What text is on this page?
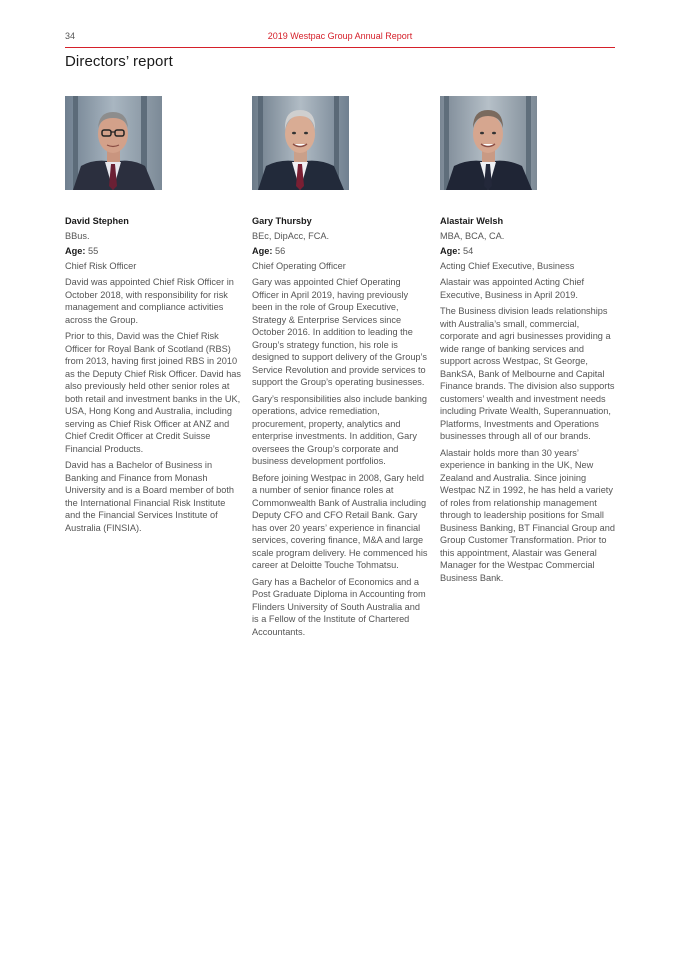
34	2019 Westpac Group Annual Report
Directors’ report
David Stephen
BBus.
Age: 55
Chief Risk Officer

David was appointed Chief Risk Officer in October 2018, with responsibility for risk management and compliance activities across the Group.

Prior to this, David was the Chief Risk Officer for Royal Bank of Scotland (RBS) from 2013, having first joined RBS in 2010 as the Deputy Chief Risk Officer. David has also previously held other senior roles at both retail and investment banks in the UK, USA, Hong Kong and Australia, including serving as Chief Risk Officer at ANZ and Chief Credit Officer at Credit Suisse Financial Products.

David has a Bachelor of Business in Banking and Finance from Monash University and is a Board member of both the International Financial Risk Institute and the Financial Services Institute of Australia (FINSIA).

Gary Thursby
BEc, DipAcc, FCA.
Age: 56
Chief Operating Officer

Gary was appointed Chief Operating Officer in April 2019, having previously been in the role of Group Executive, Strategy & Enterprise Services since October 2016. In addition to leading the Group’s strategy function, his role is designed to support delivery of the Group’s Service Revolution and provide services to support the Group’s operating businesses.

Gary’s responsibilities also include banking operations, advice remediation, procurement, property, analytics and enterprise investments. In addition, Gary oversees the Group’s corporate and business development portfolios.

Before joining Westpac in 2008, Gary held a number of senior finance roles at Commonwealth Bank of Australia including Deputy CFO and CFO Retail Bank. Gary has over 20 years’ experience in financial services, covering finance, M&A and large scale program delivery. He commenced his career at Deloitte Touche Tohmatsu.

Gary has a Bachelor of Economics and a Post Graduate Diploma in Accounting from Flinders University of South Australia and is a Fellow of the Institute of Chartered Accountants.

Alastair Welsh
MBA, BCA, CA.
Age: 54
Acting Chief Executive, Business

Alastair was appointed Acting Chief Executive, Business in April 2019.

The Business division leads relationships with Australia’s small, commercial, corporate and agri businesses providing a wide range of banking services and support across Westpac, St George, BankSA, Bank of Melbourne and Capital Finance brands. The division also supports customers’ wealth and investment needs including Private Wealth, Superannuation, Platforms, Investments and Operations businesses through all of our brands.

Alastair holds more than 30 years’ experience in banking in the UK, New Zealand and Australia. Since joining Westpac NZ in 1992, he has held a variety of roles from relationship management through to leadership positions for Small Business Banking, BT Financial Group and Group Customer Transformation. Prior to this appointment, Alastair was General Manager for the Westpac Commercial Business Bank.
